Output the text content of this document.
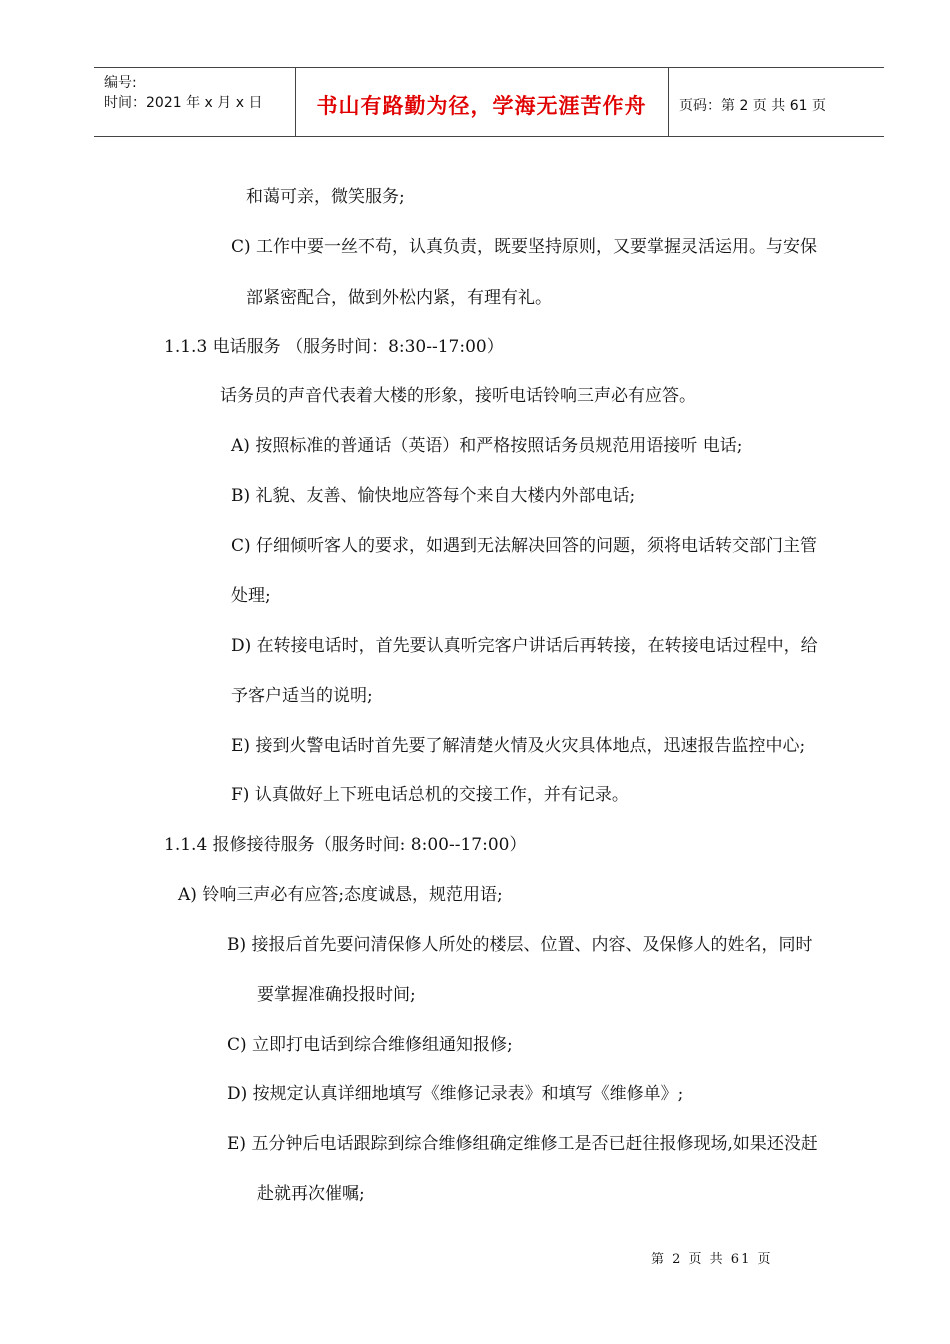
编号:
时间：2021 年 x 月 x 日	书山有路勤为径，学海无涯苦作舟	页码：第 2 页 共 61 页
和蔼可亲，微笑服务;
C) 工作中要一丝不苟，认真负责，既要坚持原则，又要掌握灵活运用。与安保
部紧密配合，做到外松内紧，有理有礼。
1.1.3 电话服务 （服务时间：8:30--17:00）
话务员的声音代表着大楼的形象，接听电话铃响三声必有应答。
A) 按照标准的普通话（英语）和严格按照话务员规范用语接听 电话;
B) 礼貌、友善、愉快地应答每个来自大楼内外部电话;
C) 仔细倾听客人的要求，如遇到无法解决回答的问题，须将电话转交部门主管
处理;
D) 在转接电话时，首先要认真听完客户讲话后再转接，在转接电话过程中，给
予客户适当的说明;
E) 接到火警电话时首先要了解清楚火情及火灾具体地点，迅速报告监控中心;
F) 认真做好上下班电话总机的交接工作，并有记录。
1.1.4 报修接待服务（服务时间: 8:00--17:00）
A) 铃响三声必有应答;态度诚恳，规范用语;
B) 接报后首先要问清保修人所处的楼层、位置、内容、及保修人的姓名，同时
要掌握准确投报时间;
C) 立即打电话到综合维修组通知报修;
D) 按规定认真详细地填写《维修记录表》和填写《维修单》;
E) 五分钟后电话跟踪到综合维修组确定维修工是否已赶往报修现场,如果还没赶
赴就再次催嘱;
第 2 页 共 61 页
